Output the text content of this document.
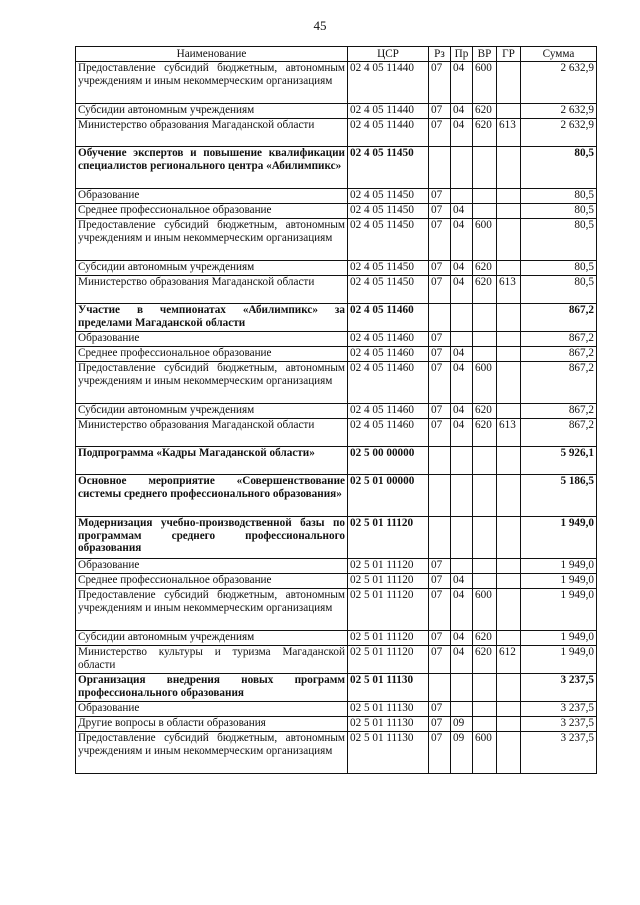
45
Наименование	ЦСР	Рз	Пр	ВР	ГР	Сумма
Предоставление субсидий бюджетным, автономным учреждениям и иным некоммерческим организациям	02 4 05 11440	07	04	600		2 632,9
Субсидии автономным учреждениям	02 4 05 11440	07	04	620		2 632,9
Министерство образования Магаданской области	02 4 05 11440	07	04	620	613	2 632,9
Обучение экспертов и повышение квалификации специалистов регионального центра «Абилимпикс»	02 4 05 11450					80,5
Образование	02 4 05 11450	07				80,5
Среднее профессиональное образование	02 4 05 11450	07	04			80,5
Предоставление субсидий бюджетным, автономным учреждениям и иным некоммерческим организациям	02 4 05 11450	07	04	600		80,5
Субсидии автономным учреждениям	02 4 05 11450	07	04	620		80,5
Министерство образования Магаданской области	02 4 05 11450	07	04	620	613	80,5
Участие в чемпионатах «Абилимпикс» за пределами Магаданской области	02 4 05 11460					867,2
Образование	02 4 05 11460	07				867,2
Среднее профессиональное образование	02 4 05 11460	07	04			867,2
Предоставление субсидий бюджетным, автономным учреждениям и иным некоммерческим организациям	02 4 05 11460	07	04	600		867,2
Субсидии автономным учреждениям	02 4 05 11460	07	04	620		867,2
Министерство образования Магаданской области	02 4 05 11460	07	04	620	613	867,2
Подпрограмма «Кадры Магаданской области»	02 5 00 00000					5 926,1
Основное мероприятие «Совершенствование системы среднего профессионального образования»	02 5 01 00000					5 186,5
Модернизация учебно-производственной базы по программам среднего профессионального образования	02 5 01 11120					1 949,0
Образование	02 5 01 11120	07				1 949,0
Среднее профессиональное образование	02 5 01 11120	07	04			1 949,0
Предоставление субсидий бюджетным, автономным учреждениям и иным некоммерческим организациям	02 5 01 11120	07	04	600		1 949,0
Субсидии автономным учреждениям	02 5 01 11120	07	04	620		1 949,0
Министерство культуры и туризма Магаданской области	02 5 01 11120	07	04	620	612	1 949,0
Организация внедрения новых программ профессионального образования	02 5 01 11130					3 237,5
Образование	02 5 01 11130	07				3 237,5
Другие вопросы в области образования	02 5 01 11130	07	09			3 237,5
Предоставление субсидий бюджетным, автономным учреждениям и иным некоммерческим организациям	02 5 01 11130	07	09	600		3 237,5
